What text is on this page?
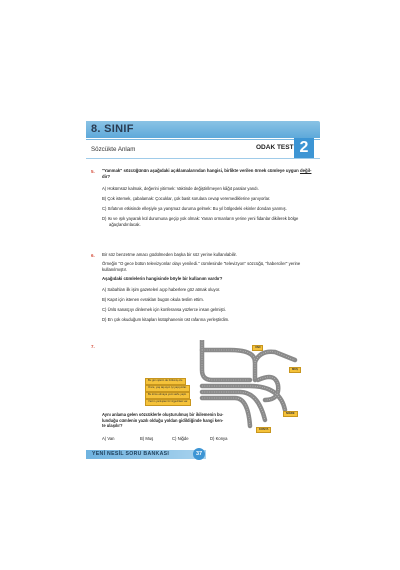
8. SINIF
Sözcükte Anlam	ODAK TEST 2
5. "Yanmak" sözcüğünün aşağıdaki açıklamalarından hangisi, birlikte verilen örnek cümleye uygun değil-
dir?
A) Hükümsüz kalmak, değerini yitirmek: Vaktinde değiştirilmeyen kâğıt paralar yandı.
B) Çok istemek, çabalamak: Çocuklar, çok basit sorulara cevap veremediklerine yanıyorlar.
C) Sıfatının etkisinde elleşiyle ya yanşmaz duruma gelmek: Bu yıl bölgedeki ekinler dondan yanmış.
D) Isı ve ışık yayarak kül durumuna geçip yok olmak: Yanan ormanların yerine yeni fidanlar dikilerek bölge
ağaçlandırılacak.
6. Bir söz benzetme amacı güdülmeden başka bir söz yerine kullanılabilir.
Örneğin "O gece bütün televizyonlar olayı yeniledi." cümlesinde "televizyon" sözcüğü, "haberciler" yerine
kullanılmıştır.
Aşağıdaki cümlelerin hangisinde böyle bir kullanım vardır?
A) Sabahları ilk işim gazeteleri açıp haberlere göz atmak oluyor.
B) Kapıt için istenen evrakları bugün okula teslim ettim.
C) Ünlü sanatçıyı dinlemek için konferansa yüzlerce insan gelmişti.
D) En çok okuduğum kitapları kütüphanenin üst rafarına yerleştirdim.
7.
Bu gün işlerin de birikmiş olu.
Önce, yaş taş ayın iyi yapıyorlar.
Bu kirce elmaya yeni sarfe yaptı.
Yazım yanlıştan bir ilçgelzlasi var.
VAN
MUŞ
NİĞDE
KONYA
Aynı anlama gelen sözcüklerle oluşturulmuş bir ikilemenin bu-
lunduğu cümlenin yazılı olduğu yoldan gidildiğinde hangi ken-
te ulaşılır?
A) Van	B) Muş	C) Niğde	D) Konya
YENİ NESİL SORU BANKASI	37
